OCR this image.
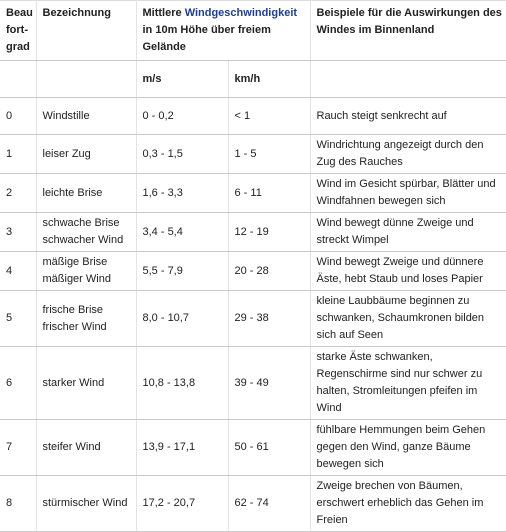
Beau
fort-
grad	Bezeichnung	Mittlere Windgeschwindigkeit in 10m Höhe über freiem Gelände		Beispiele für die Auswirkungen des Windes im Binnenland
		m/s	km/h	
0	Windstille	0 - 0,2	< 1	Rauch steigt senkrecht auf
1	leiser Zug	0,3 - 1,5	1 - 5	Windrichtung angezeigt durch den Zug des Rauches
2	leichte Brise	1,6 - 3,3	6 - 11	Wind im Gesicht spürbar, Blätter und Windfahnen bewegen sich
3	schwache Brise
schwacher Wind	3,4 - 5,4	12 - 19	Wind bewegt dünne Zweige und streckt Wimpel
4	mäßige Brise
mäßiger Wind	5,5 - 7,9	20 - 28	Wind bewegt Zweige und dünnere Äste, hebt Staub und loses Papier
5	frische Brise
frischer Wind	8,0 - 10,7	29 - 38	kleine Laubbäume beginnen zu schwanken, Schaumkronen bilden sich auf Seen
6	starker Wind	10,8 - 13,8	39 - 49	starke Äste schwanken, Regenschirme sind nur schwer zu halten, Stromleitungen pfeifen im Wind
7	steifer Wind	13,9 - 17,1	50 - 61	fühlbare Hemmungen beim Gehen gegen den Wind, ganze Bäume bewegen sich
8	stürmischer Wind	17,2 - 20,7	62 - 74	Zweige brechen von Bäumen, erschwert erheblich das Gehen im Freien
